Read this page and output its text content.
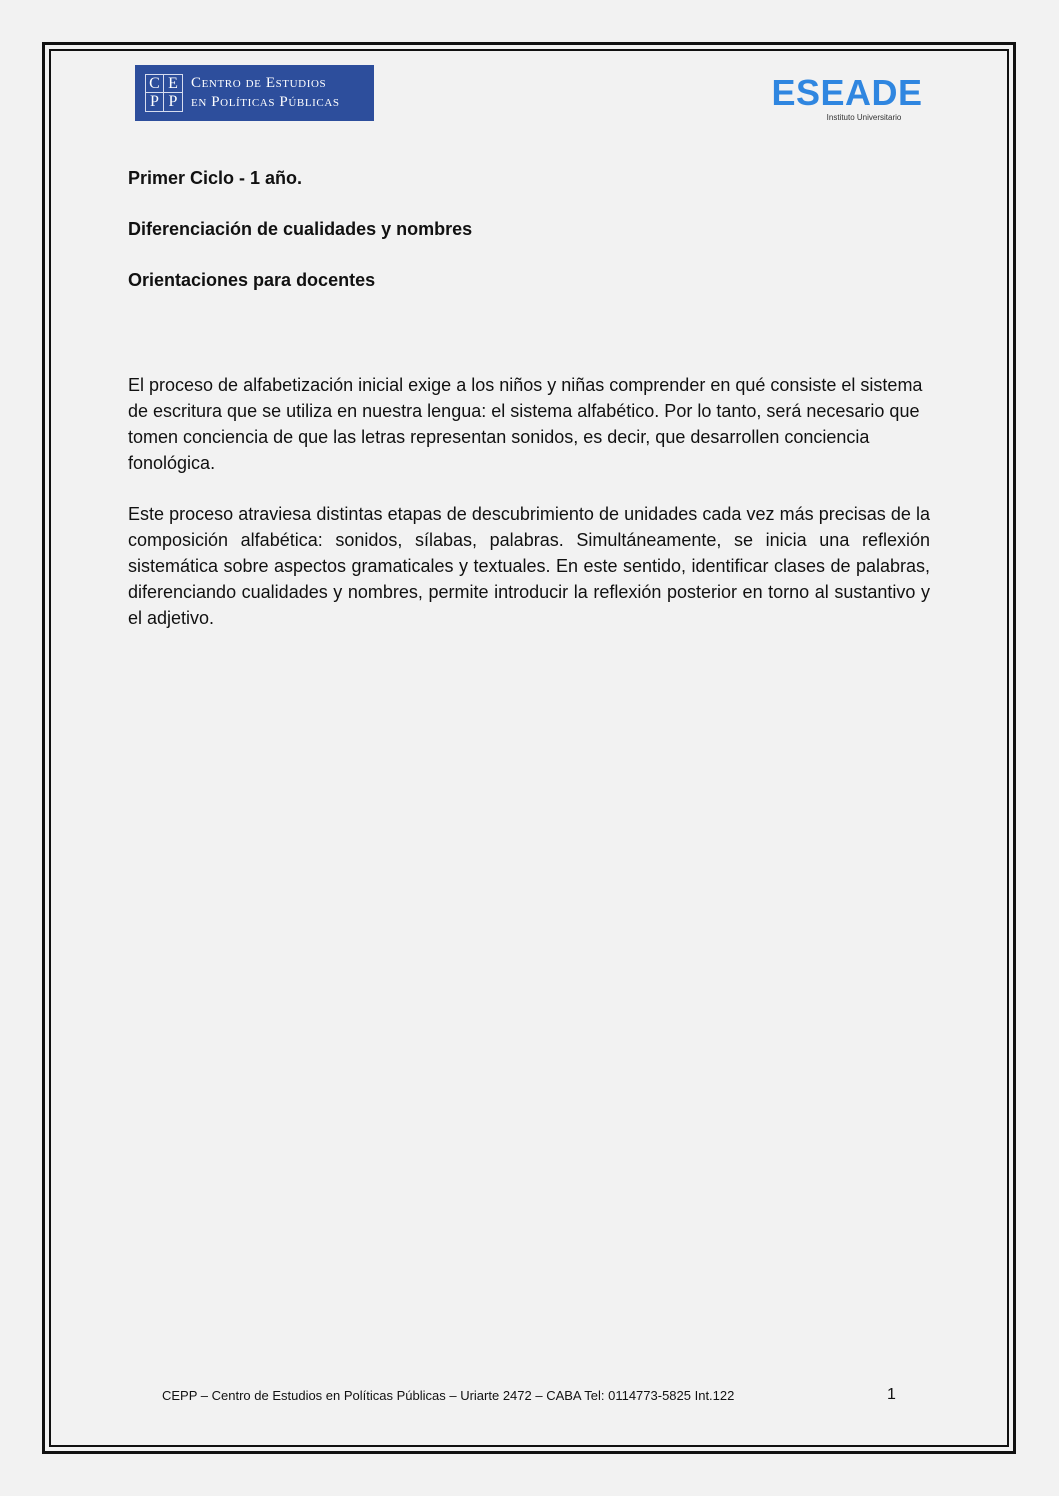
C E
P P
Centro de Estudios
en Políticas Públicas	ESEADE
Instituto Universitario
Primer Ciclo - 1 año.
Diferenciación de cualidades y nombres
Orientaciones para docentes

El proceso de alfabetización inicial exige a los niños y niñas comprender en qué consiste el sistema de escritura que se utiliza en nuestra lengua: el sistema alfabético. Por lo tanto, será necesario que tomen conciencia de que las letras representan sonidos, es decir, que desarrollen conciencia fonológica.

Este proceso atraviesa distintas etapas de descubrimiento de unidades cada vez más precisas de la composición alfabética: sonidos, sílabas, palabras. Simultáneamente, se inicia una reflexión sistemática sobre aspectos gramaticales y textuales. En este sentido, identificar clases de palabras, diferenciando cualidades y nombres, permite introducir la reflexión posterior en torno al sustantivo y el adjetivo.

CEPP – Centro de Estudios en Políticas Públicas – Uriarte 2472 – CABA Tel: 0114773-5825 Int.122	1
